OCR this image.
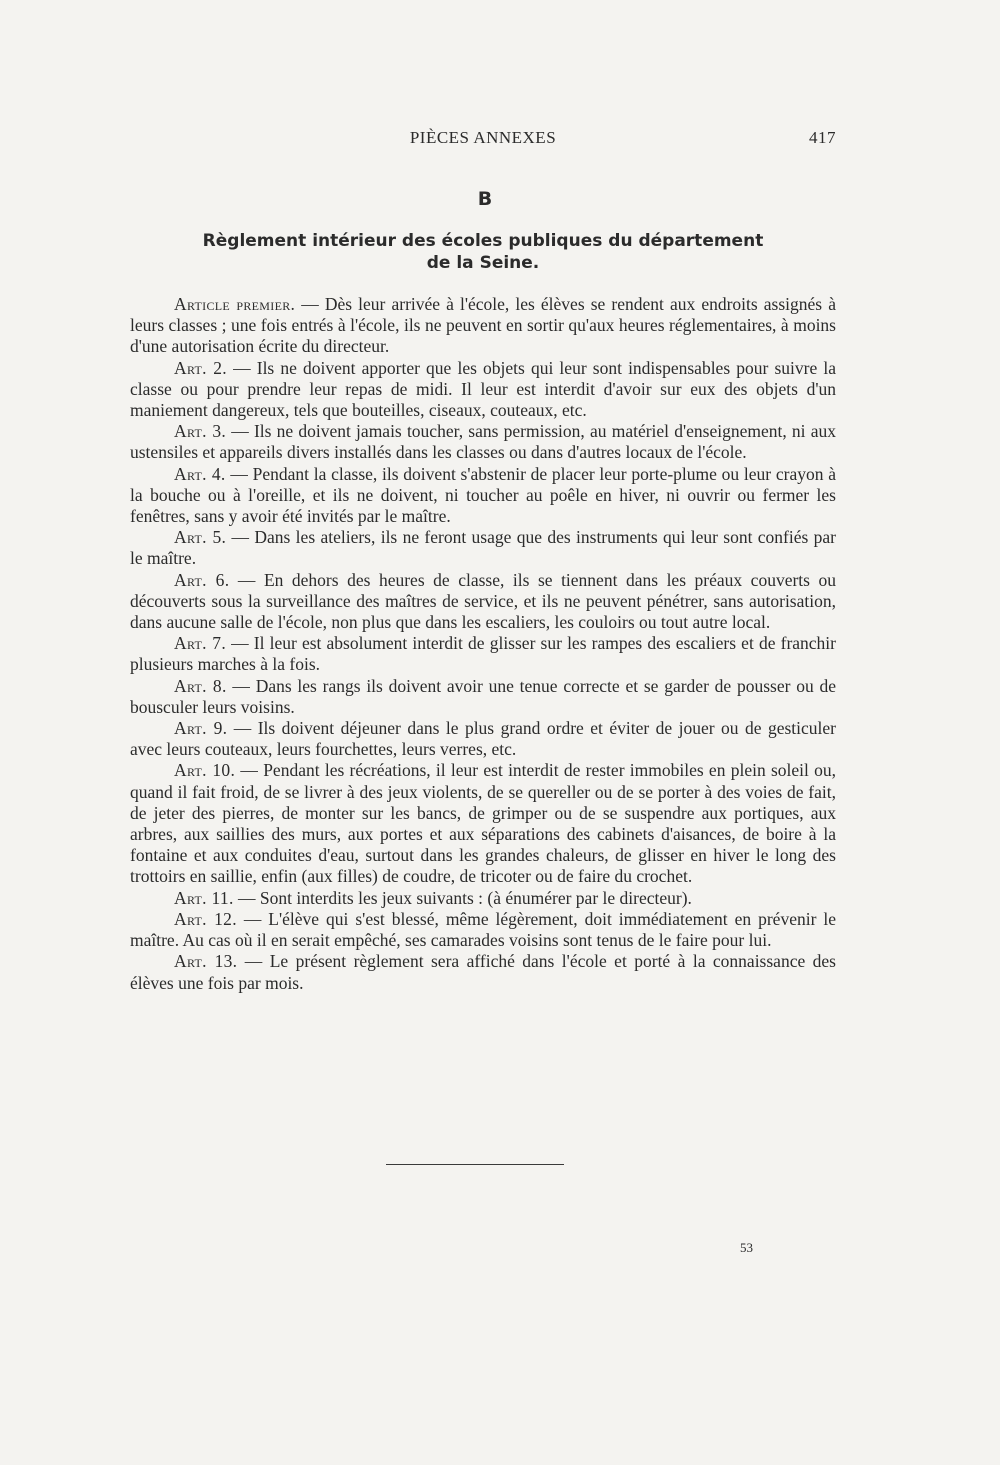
PIÈCES ANNEXES	417
B
Règlement intérieur des écoles publiques du département
de la Seine.

Article premier. — Dès leur arrivée à l'école, les élèves se rendent aux endroits assignés à leurs classes ; une fois entrés à l'école, ils ne peuvent en sortir qu'aux heures réglementaires, à moins d'une autorisation écrite du directeur.

Art. 2. — Ils ne doivent apporter que les objets qui leur sont indispensables pour suivre la classe ou pour prendre leur repas de midi. Il leur est interdit d'avoir sur eux des objets d'un maniement dangereux, tels que bouteilles, ciseaux, couteaux, etc.

Art. 3. — Ils ne doivent jamais toucher, sans permission, au matériel d'enseignement, ni aux ustensiles et appareils divers installés dans les classes ou dans d'autres locaux de l'école.

Art. 4. — Pendant la classe, ils doivent s'abstenir de placer leur porte-plume ou leur crayon à la bouche ou à l'oreille, et ils ne doivent, ni toucher au poêle en hiver, ni ouvrir ou fermer les fenêtres, sans y avoir été invités par le maître.

Art. 5. — Dans les ateliers, ils ne feront usage que des instruments qui leur sont confiés par le maître.

Art. 6. — En dehors des heures de classe, ils se tiennent dans les préaux couverts ou découverts sous la surveillance des maîtres de service, et ils ne peuvent pénétrer, sans autorisation, dans aucune salle de l'école, non plus que dans les escaliers, les couloirs ou tout autre local.

Art. 7. — Il leur est absolument interdit de glisser sur les rampes des escaliers et de franchir plusieurs marches à la fois.

Art. 8. — Dans les rangs ils doivent avoir une tenue correcte et se garder de pousser ou de bousculer leurs voisins.

Art. 9. — Ils doivent déjeuner dans le plus grand ordre et éviter de jouer ou de gesticuler avec leurs couteaux, leurs fourchettes, leurs verres, etc.

Art. 10. — Pendant les récréations, il leur est interdit de rester immobiles en plein soleil ou, quand il fait froid, de se livrer à des jeux violents, de se quereller ou de se porter à des voies de fait, de jeter des pierres, de monter sur les bancs, de grimper ou de se suspendre aux portiques, aux arbres, aux saillies des murs, aux portes et aux séparations des cabinets d'aisances, de boire à la fontaine et aux conduites d'eau, surtout dans les grandes chaleurs, de glisser en hiver le long des trottoirs en saillie, enfin (aux filles) de coudre, de tricoter ou de faire du crochet.

Art. 11. — Sont interdits les jeux suivants : (à énumérer par le directeur).

Art. 12. — L'élève qui s'est blessé, même légèrement, doit immédiatement en prévenir le maître. Au cas où il en serait empêché, ses camarades voisins sont tenus de le faire pour lui.

Art. 13. — Le présent règlement sera affiché dans l'école et porté à la connaissance des élèves une fois par mois.

53
